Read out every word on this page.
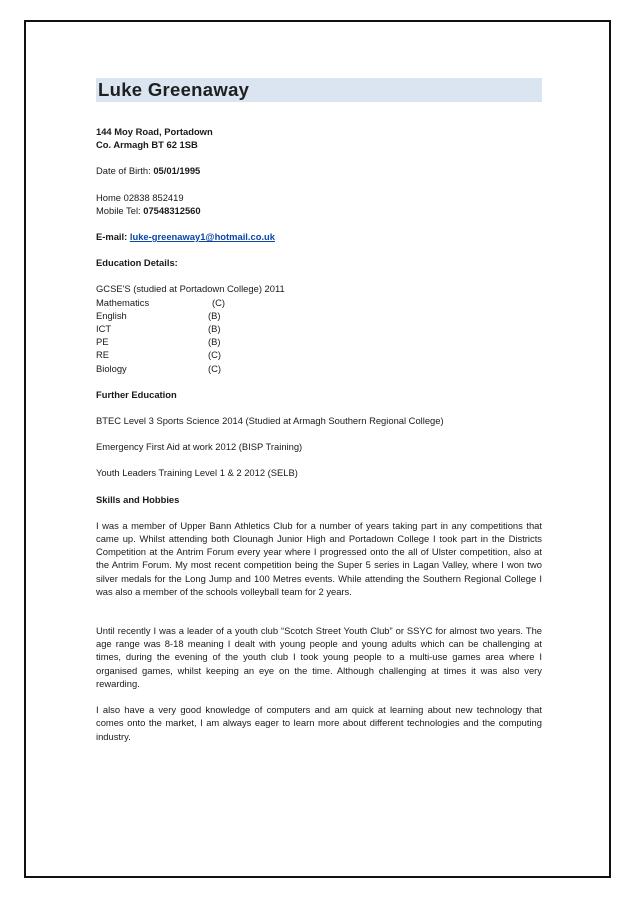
Luke Greenaway
144 Moy Road, Portadown
Co. Armagh BT 62 1SB
Date of Birth: 05/01/1995
Home 02838 852419
Mobile Tel: 07548312560
E-mail: luke-greenaway1@hotmail.co.uk
Education Details:
GCSE'S (studied at Portadown College) 2011
Mathematics	(C)
English	(B)
ICT	(B)
PE	(B)
RE	(C)
Biology	(C)
Further Education
BTEC Level 3 Sports Science 2014 (Studied at Armagh Southern Regional College)
Emergency First Aid at work 2012 (BISP Training)
Youth Leaders Training Level 1 & 2 2012 (SELB)
Skills and Hobbies
I was a member of Upper Bann Athletics Club for a number of years taking part in any competitions that came up. Whilst attending both Clounagh Junior High and Portadown College I took part in the Districts Competition at the Antrim Forum every year where I progressed onto the all of Ulster competition, also at the Antrim Forum. My most recent competition being the Super 5 series in Lagan Valley, where I won two silver medals for the Long Jump and 100 Metres events. While attending the Southern Regional College I was also a member of the schools volleyball team for 2 years.
Until recently I was a leader of a youth club “Scotch Street Youth Club” or SSYC for almost two years. The age range was 8-18 meaning I dealt with young people and young adults which can be challenging at times, during the evening of the youth club I took young people to a multi-use games area where I organised games, whilst keeping an eye on the time. Although challenging at times it was also very rewarding.
I also have a very good knowledge of computers and am quick at learning about new technology that comes onto the market, I am always eager to learn more about different technologies and the computing industry.
